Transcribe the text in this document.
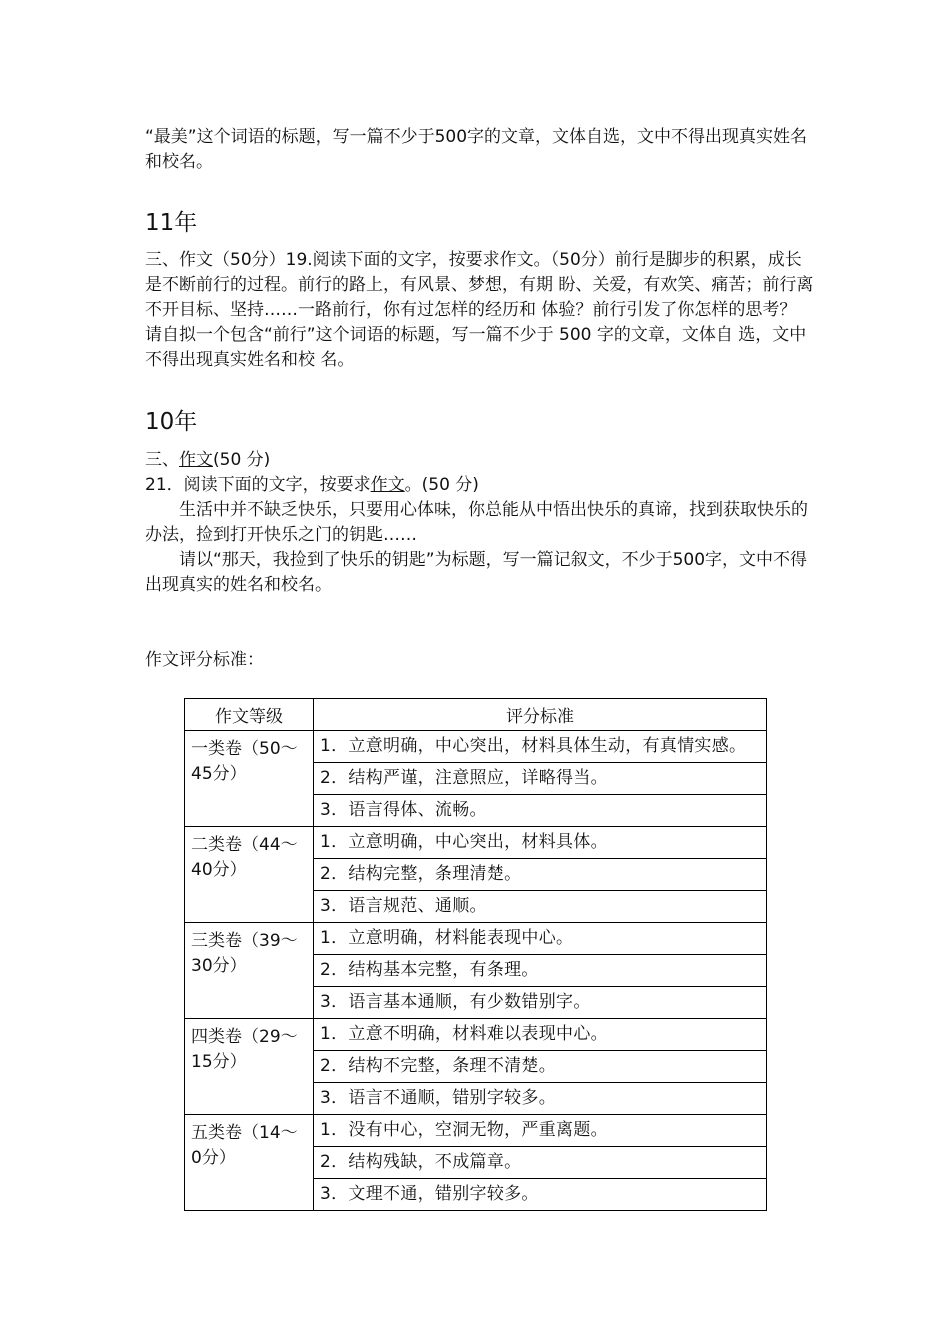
“最美”这个词语的标题，写一篇不少于500字的文章，文体自选，文中不得出现真实姓名和校名。

11年

三、作文（50分）19.阅读下面的文字，按要求作文。（50分）前行是脚步的积累，成长是不断前行的过程。前行的路上，有风景、梦想，有期 盼、关爱，有欢笑、痛苦；前行离不开目标、坚持……一路前行，你有过怎样的经历和 体验？前行引发了你怎样的思考？ 请自拟一个包含“前行”这个词语的标题，写一篇不少于 500 字的文章，文体自 选，文中不得出现真实姓名和校 名。

10年

三、作文(50 分)

21．阅读下面的文字，按要求作文。(50 分)

生活中并不缺乏快乐，只要用心体味，你总能从中悟出快乐的真谛，找到获取快乐的办法，捡到打开快乐之门的钥匙……

请以“那天，我捡到了快乐的钥匙”为标题，写一篇记叙文，不少于500字，文中不得出现真实的姓名和校名。

作文评分标准：
作文等级	评分标准
一类卷（50～45分）	1．立意明确，中心突出，材料具体生动，有真情实感。
	2．结构严谨，注意照应，详略得当。
	3．语言得体、流畅。
二类卷（44～40分）	1．立意明确，中心突出，材料具体。
	2．结构完整，条理清楚。
	3．语言规范、通顺。
三类卷（39～30分）	1．立意明确，材料能表现中心。
	2．结构基本完整，有条理。
	3．语言基本通顺，有少数错别字。
四类卷（29～15分）	1．立意不明确，材料难以表现中心。
	2．结构不完整，条理不清楚。
	3．语言不通顺，错别字较多。
五类卷（14～0分）	1．没有中心，空洞无物，严重离题。
	2．结构残缺，不成篇章。
	3．文理不通，错别字较多。
